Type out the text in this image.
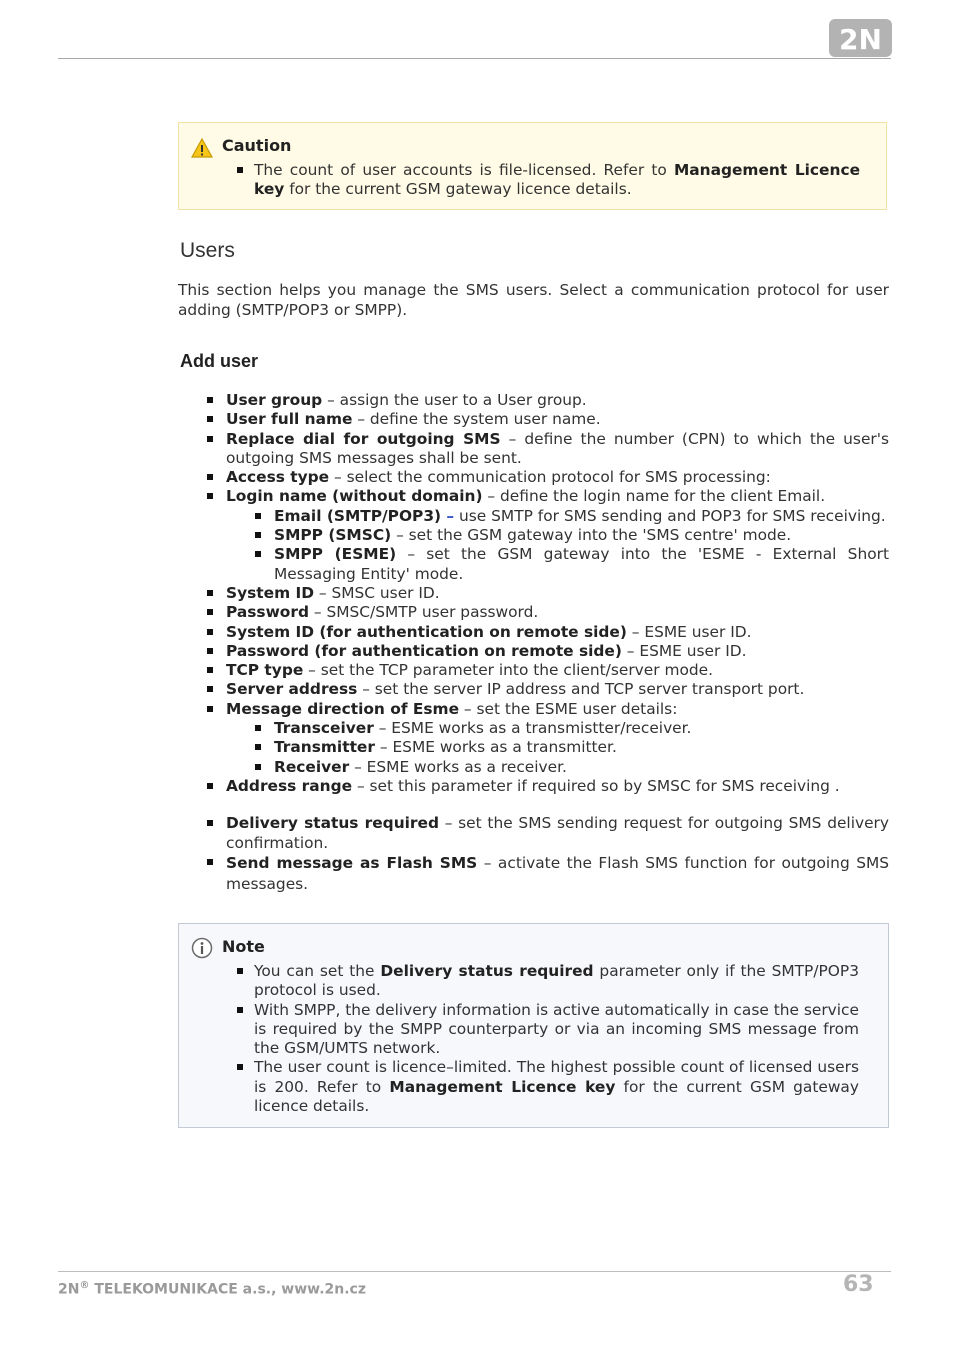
2N
Caution
The count of user accounts is file-licensed. Refer to Management Licence key for the current GSM gateway licence details.
Users

This section helps you manage the SMS users. Select a communication protocol for user adding (SMTP/POP3 or SMPP).

Add user
User group – assign the user to a User group.
User full name – define the system user name.
Replace dial for outgoing SMS – define the number (CPN) to which the user's outgoing SMS messages shall be sent.
Access type – select the communication protocol for SMS processing:
Login name (without domain) – define the login name for the client Email.
Email (SMTP/POP3) – use SMTP for SMS sending and POP3 for SMS receiving.
SMPP (SMSC) – set the GSM gateway into the 'SMS centre' mode.
SMPP (ESME) – set the GSM gateway into the 'ESME - External Short Messaging Entity' mode.
System ID – SMSC user ID.
Password – SMSC/SMTP user password.
System ID (for authentication on remote side) – ESME user ID.
Password (for authentication on remote side) – ESME user ID.
TCP type – set the TCP parameter into the client/server mode.
Server address – set the server IP address and TCP server transport port.
Message direction of Esme – set the ESME user details:
Transceiver – ESME works as a transmistter/receiver.
Transmitter – ESME works as a transmitter.
Receiver – ESME works as a receiver.
Address range – set this parameter if required so by SMSC for SMS receiving .
Delivery status required – set the SMS sending request for outgoing SMS delivery confirmation.
Send message as Flash SMS – activate the Flash SMS function for outgoing SMS messages.
Note
You can set the Delivery status required parameter only if the SMTP/POP3 protocol is used.
With SMPP, the delivery information is active automatically in case the service is required by the SMPP counterparty or via an incoming SMS message from the GSM/UMTS network.
The user count is licence–limited. The highest possible count of licensed users is 200. Refer to Management Licence key for the current GSM gateway licence details.
2N® TELEKOMUNIKACE a.s., www.2n.cz	63
